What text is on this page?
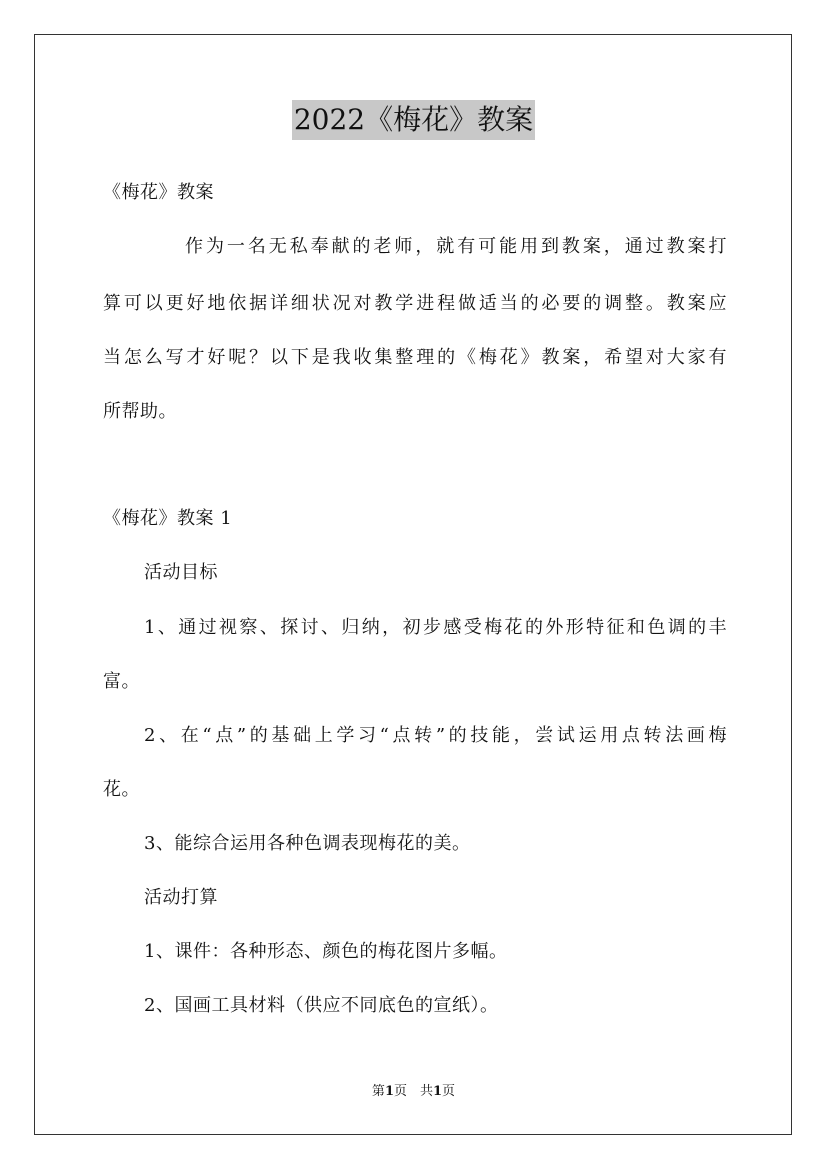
2022《梅花》教案
《梅花》教案
作为一名无私奉献的老师，就有可能用到教案，通过教案打
算可以更好地依据详细状况对教学进程做适当的必要的调整。教案应
当怎么写才好呢？以下是我收集整理的《梅花》教案，希望对大家有
所帮助。
《梅花》教案 1
活动目标
1、通过视察、探讨、归纳，初步感受梅花的外形特征和色调的丰
富。
2、在“点”的基础上学习“点转”的技能，尝试运用点转法画梅
花。
3、能综合运用各种色调表现梅花的美。
活动打算
1、课件：各种形态、颜色的梅花图片多幅。
2、国画工具材料（供应不同底色的宣纸）。
第1页　共1页
